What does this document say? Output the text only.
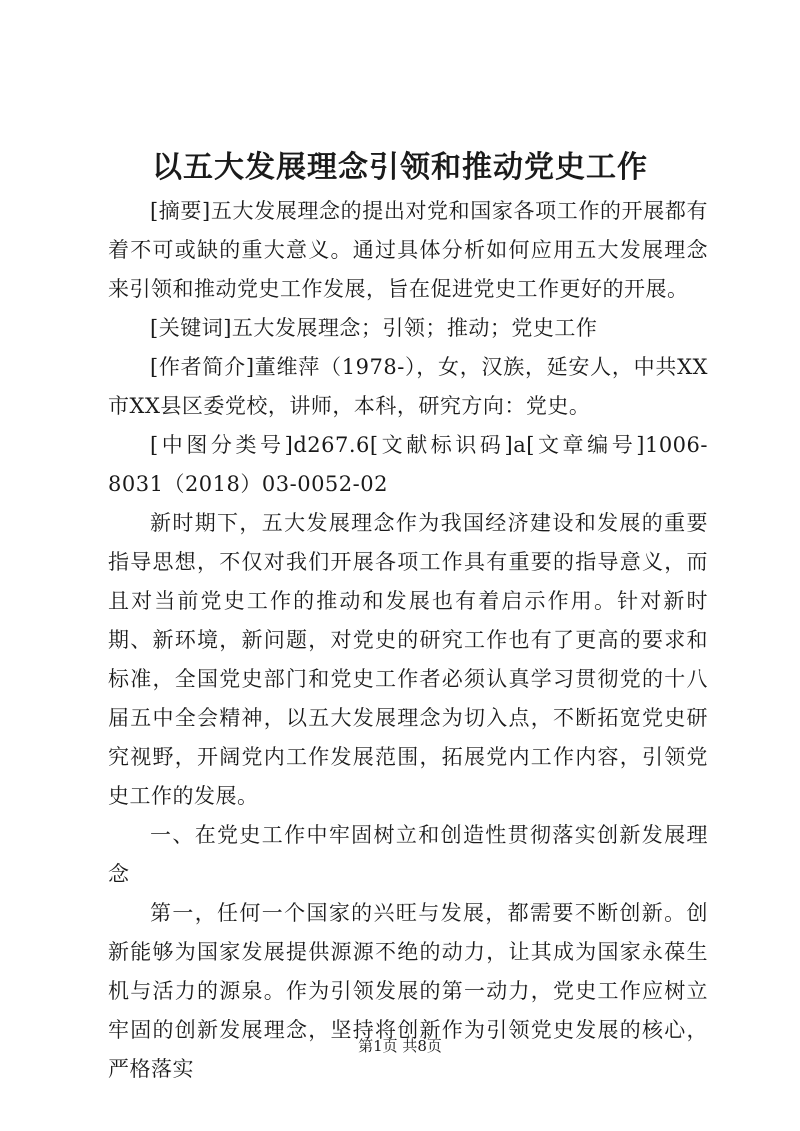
以五大发展理念引领和推动党史工作

[摘要]五大发展理念的提出对党和国家各项工作的开展都有着不可或缺的重大意义。通过具体分析如何应用五大发展理念来引领和推动党史工作发展，旨在促进党史工作更好的开展。

[关键词]五大发展理念；引领；推动；党史工作

[作者简介]董维萍（1978-），女，汉族，延安人，中共XX市XX县区委党校，讲师，本科，研究方向：党史。

[中图分类号]d267.6[文献标识码]a[文章编号]1006-8031（2018）03-0052-02

新时期下，五大发展理念作为我国经济建设和发展的重要指导思想，不仅对我们开展各项工作具有重要的指导意义，而且对当前党史工作的推动和发展也有着启示作用。针对新时期、新环境，新问题，对党史的研究工作也有了更高的要求和标准，全国党史部门和党史工作者必须认真学习贯彻党的十八届五中全会精神，以五大发展理念为切入点，不断拓宽党史研究视野，开阔党内工作发展范围，拓展党内工作内容，引领党史工作的发展。

一、在党史工作中牢固树立和创造性贯彻落实创新发展理念

第一，任何一个国家的兴旺与发展，都需要不断创新。创新能够为国家发展提供源源不绝的动力，让其成为国家永葆生机与活力的源泉。作为引领发展的第一动力，党史工作应树立牢固的创新发展理念，坚持将创新作为引领党史发展的核心，严格落实

第1页 共8页
